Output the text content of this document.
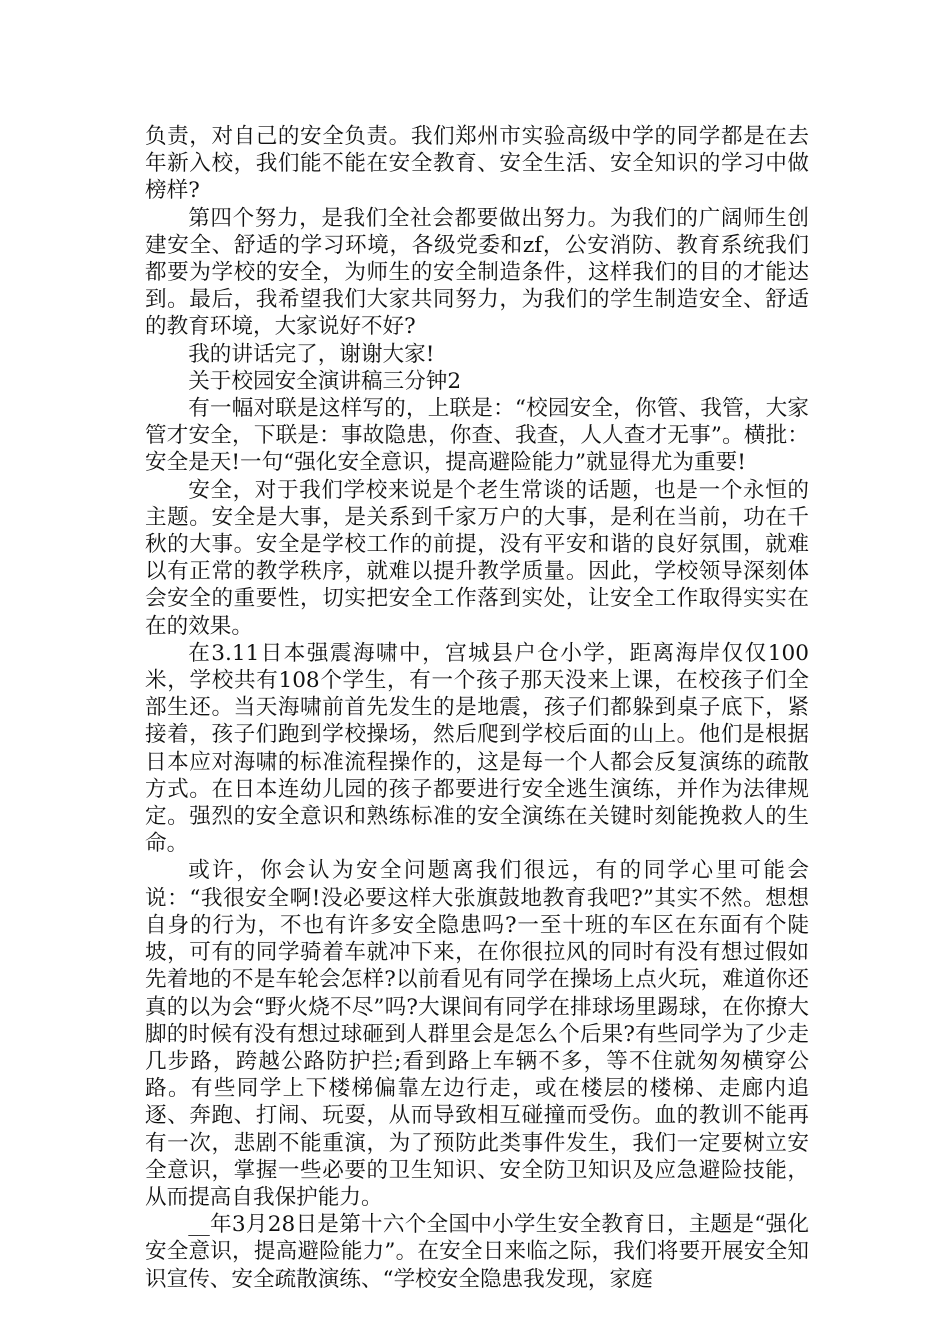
负责，对自己的安全负责。我们郑州市实验高级中学的同学都是在去年新入校，我们能不能在安全教育、安全生活、安全知识的学习中做榜样?

第四个努力，是我们全社会都要做出努力。为我们的广阔师生创建安全、舒适的学习环境，各级党委和zf，公安消防、教育系统我们都要为学校的安全，为师生的安全制造条件，这样我们的目的才能达到。最后，我希望我们大家共同努力，为我们的学生制造安全、舒适的教育环境，大家说好不好?

我的讲话完了，谢谢大家!

关于校园安全演讲稿三分钟2

有一幅对联是这样写的，上联是：“校园安全，你管、我管，大家管才安全，下联是：事故隐患，你查、我查，人人查才无事”。横批：安全是天!一句“强化安全意识，提高避险能力”就显得尤为重要!

安全，对于我们学校来说是个老生常谈的话题，也是一个永恒的主题。安全是大事，是关系到千家万户的大事，是利在当前，功在千秋的大事。安全是学校工作的前提，没有平安和谐的良好氛围，就难以有正常的教学秩序，就难以提升教学质量。因此，学校领导深刻体会安全的重要性，切实把安全工作落到实处，让安全工作取得实实在在的效果。

在3.11日本强震海啸中，宫城县户仓小学，距离海岸仅仅100米，学校共有108个学生，有一个孩子那天没来上课，在校孩子们全部生还。当天海啸前首先发生的是地震，孩子们都躲到桌子底下，紧接着，孩子们跑到学校操场，然后爬到学校后面的山上。他们是根据日本应对海啸的标准流程操作的，这是每一个人都会反复演练的疏散方式。在日本连幼儿园的孩子都要进行安全逃生演练，并作为法律规定。强烈的安全意识和熟练标准的安全演练在关键时刻能挽救人的生命。

或许，你会认为安全问题离我们很远，有的同学心里可能会说：“我很安全啊!没必要这样大张旗鼓地教育我吧?”其实不然。想想自身的行为，不也有许多安全隐患吗?一至十班的车区在东面有个陡坡，可有的同学骑着车就冲下来，在你很拉风的同时有没有想过假如先着地的不是车轮会怎样?以前看见有同学在操场上点火玩，难道你还真的以为会“野火烧不尽”吗?大课间有同学在排球场里踢球，在你撩大脚的时候有没有想过球砸到人群里会是怎么个后果?有些同学为了少走几步路，跨越公路防护拦;看到路上车辆不多，等不住就匆匆横穿公路。有些同学上下楼梯偏靠左边行走，或在楼层的楼梯、走廊内追逐、奔跑、打闹、玩耍，从而导致相互碰撞而受伤。血的教训不能再有一次，悲剧不能重演，为了预防此类事件发生，我们一定要树立安全意识，掌握一些必要的卫生知识、安全防卫知识及应急避险技能，从而提高自我保护能力。

__年3月28日是第十六个全国中小学生安全教育日，主题是“强化安全意识，提高避险能力”。在安全日来临之际，我们将要开展安全知识宣传、安全疏散演练、“学校安全隐患我发现，家庭
